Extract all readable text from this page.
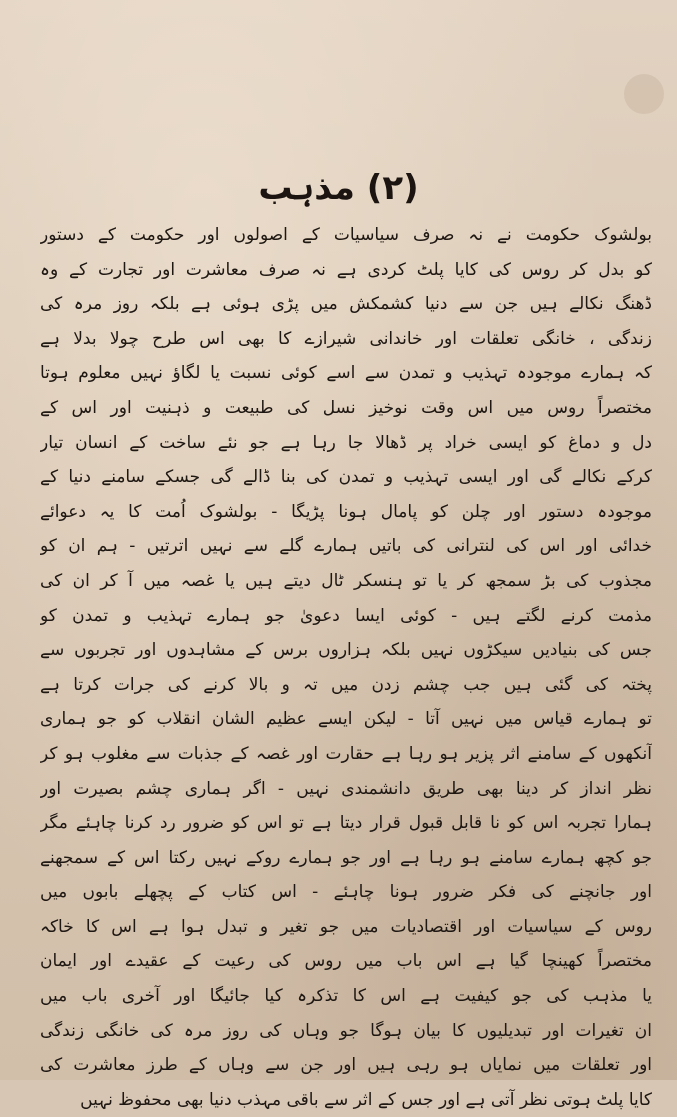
(۲) مذہب
بولشوک حکومت نے نہ صرف سیاسیات کے اصولوں اور حکومت کے دستور
کو بدل کر روس کی کایا پلٹ کردی ہے نہ صرف معاشرت اور تجارت کے وہ
ڈھنگ نکالے ہیں جن سے دنیا کشمکش میں پڑی ہوئی ہے بلکہ روز مرہ کی
زندگی ، خانگی تعلقات اور خاندانی شیرازے کا بھی اس طرح چولا بدلا ہے
کہ ہمارے موجودہ تہذیب و تمدن سے اسے کوئی نسبت یا لگاؤ نہیں معلوم ہوتا
مختصراً روس میں اس وقت نوخیز نسل کی طبیعت و ذہنیت اور اس کے
دل و دماغ کو ایسی خراد پر ڈھالا جا رہا ہے جو نئے ساخت کے انسان تیار
کرکے نکالے گی اور ایسی تہذیب و تمدن کی بنا ڈالے گی جسکے سامنے دنیا کے
موجودہ دستور اور چلن کو پامال ہونا پڑیگا - بولشوک اُمت کا یہ دعوائے
خدائی اور اس کی لنترانی کی باتیں ہمارے گلے سے نہیں اترتیں - ہم ان کو
مجذوب کی بڑ سمجھ کر یا تو ہنسکر ٹال دیتے ہیں یا غصہ میں آ کر ان کی
مذمت کرنے لگتے ہیں - کوئی ایسا دعویٰ جو ہمارے تہذیب و تمدن کو
جس کی بنیادیں سیکڑوں نہیں بلکہ ہزاروں برس کے مشاہدوں اور تجربوں سے
پختہ کی گئی ہیں جب چشم زدن میں تہ و بالا کرنے کی جرات کرتا ہے
تو ہمارے قیاس میں نہیں آتا - لیکن ایسے عظیم الشان انقلاب کو جو ہماری
آنکھوں کے سامنے اثر پزیر ہو رہا ہے حقارت اور غصہ کے جذبات سے مغلوب ہو کر
نظر انداز کر دینا بھی طریق دانشمندی نہیں - اگر ہماری چشم بصیرت اور
ہمارا تجربہ اس کو نا قابل قبول قرار دیتا ہے تو اس کو ضرور رد کرنا چاہئے مگر
جو کچھ ہمارے سامنے ہو رہا ہے اور جو ہمارے روکے نہیں رکتا اس کے سمجھنے
اور جانچنے کی فکر ضرور ہونا چاہئے - اس کتاب کے پچھلے بابوں میں
روس کے سیاسیات اور اقتصادیات میں جو تغیر و تبدل ہوا ہے اس کا خاکہ
مختصراً کھینچا گیا ہے اس باب میں روس کی رعیت کے عقیدے اور ایمان
یا مذہب کی جو کیفیت ہے اس کا تذکرہ کیا جائیگا اور آخری باب میں
ان تغیرات اور تبدیلیوں کا بیان ہوگا جو وہاں کی روز مرہ کی خانگی زندگی
اور تعلقات میں نمایاں ہو رہی ہیں اور جن سے وہاں کے طرز معاشرت کی
کایا پلٹ ہوتی نظر آتی ہے اور جس کے اثر سے باقی مہذب دنیا بھی محفوظ نہیں
